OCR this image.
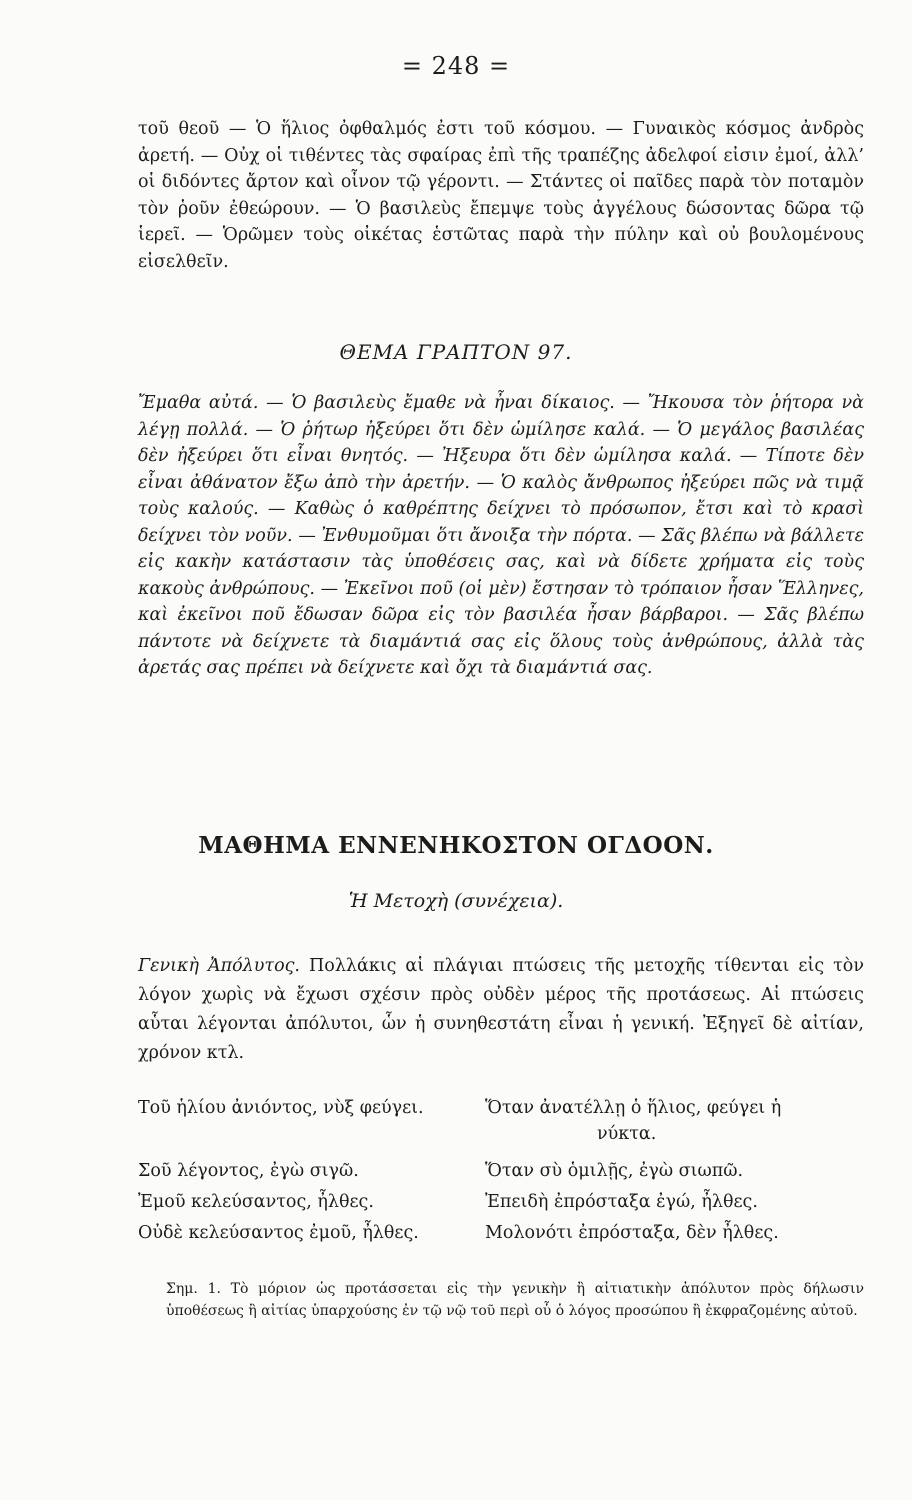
= 248 =

τοῦ θεοῦ — Ὁ ἥλιος ὀφθαλμός ἐστι τοῦ κόσμου. — Γυναικὸς κόσμος ἀνδρὸς ἀρετή. — Οὐχ οἱ τιθέντες τὰς σφαίρας ἐπὶ τῆς τραπέζης ἀδελφοί εἰσιν ἐμοί, ἀλλ’ οἱ διδόντες ἄρτον καὶ οἶνον τῷ γέροντι. — Στάντες οἱ παῖδες παρὰ τὸν ποταμὸν τὸν ῥοῦν ἐθεώρουν. — Ὁ βασιλεὺς ἔπεμψε τοὺς ἀγγέλους δώσοντας δῶρα τῷ ἱερεῖ. — Ὁρῶμεν τοὺς οἰκέτας ἑστῶτας παρὰ τὴν πύλην καὶ οὐ βουλομένους εἰσελθεῖν.

ΘΕΜΑ ΓΡΑΠΤΟΝ 97.

Ἔμαθα αὐτά. — Ὁ βασιλεὺς ἔμαθε νὰ ἦναι δίκαιος. — Ἤκουσα τὸν ῥήτορα νὰ λέγῃ πολλά. — Ὁ ῥήτωρ ἠξεύρει ὅτι δὲν ὡμίλησε καλά. — Ὁ μεγάλος βασιλέας δὲν ἠξεύρει ὅτι εἶναι θνητός. — Ἠξευρα ὅτι δὲν ὡμίλησα καλά. — Τίποτε δὲν εἶναι ἀθάνατον ἔξω ἀπὸ τὴν ἀρετήν. — Ὁ καλὸς ἄνθρωπος ἠξεύρει πῶς νὰ τιμᾷ τοὺς καλούς. — Καθὼς ὁ καθρέπτης δείχνει τὸ πρόσωπον, ἔτσι καὶ τὸ κρασὶ δείχνει τὸν νοῦν. — Ἐνθυμοῦμαι ὅτι ἄνοιξα τὴν πόρτα. — Σᾶς βλέπω νὰ βάλλετε εἰς κακὴν κατάστασιν τὰς ὑποθέσεις σας, καὶ νὰ δίδετε χρήματα εἰς τοὺς κακοὺς ἀνθρώπους. — Ἐκεῖνοι ποῦ (οἱ μὲν) ἔστησαν τὸ τρόπαιον ἦσαν Ἕλληνες, καὶ ἐκεῖνοι ποῦ ἔδωσαν δῶρα εἰς τὸν βασιλέα ἦσαν βάρβαροι. — Σᾶς βλέπω πάντοτε νὰ δείχνετε τὰ διαμάντιά σας εἰς ὅλους τοὺς ἀνθρώπους, ἀλλὰ τὰς ἀρετάς σας πρέπει νὰ δείχνετε καὶ ὄχι τὰ διαμάντιά σας.

ΜΑΘΗΜΑ ΕΝΝΕΝΗΚΟΣΤΟΝ ΟΓΔΟΟΝ.
Ἡ Μετοχὴ (συνέχεια).

Γενικὴ Ἀπόλυτος. Πολλάκις αἱ πλάγιαι πτώσεις τῆς μετοχῆς τίθενται εἰς τὸν λόγον χωρὶς νὰ ἔχωσι σχέσιν πρὸς οὐδὲν μέρος τῆς προτάσεως. Αἱ πτώσεις αὗται λέγονται ἀπόλυτοι, ὧν ἡ συνηθεστάτη εἶναι ἡ γενική. Ἐξηγεῖ δὲ αἰτίαν, χρόνον κτλ.

Τοῦ ἡλίου ἀνιόντος, νὺξ φεύγει.	Ὅταν ἀνατέλλῃ ὁ ἥλιος, φεύγει ἡ
νύκτα.
Σοῦ λέγοντος, ἐγὼ σιγῶ.	Ὅταν σὺ ὁμιλῇς, ἐγὼ σιωπῶ.
Ἐμοῦ κελεύσαντος, ἦλθες.	Ἐπειδὴ ἐπρόσταξα ἐγώ, ἦλθες.
Οὐδὲ κελεύσαντος ἐμοῦ, ἦλθες.	Μολονότι ἐπρόσταξα, δὲν ἦλθες.

Σημ. 1. Τὸ μόριον ὡς προτάσσεται εἰς τὴν γενικὴν ἢ αἰτιατικὴν ἀπόλυτον πρὸς δήλωσιν ὑποθέσεως ἢ αἰτίας ὑπαρχούσης ἐν τῷ νῷ τοῦ περὶ οὗ ὁ λόγος προσώπου ἢ ἐκφραζομένης αὐτοῦ.
